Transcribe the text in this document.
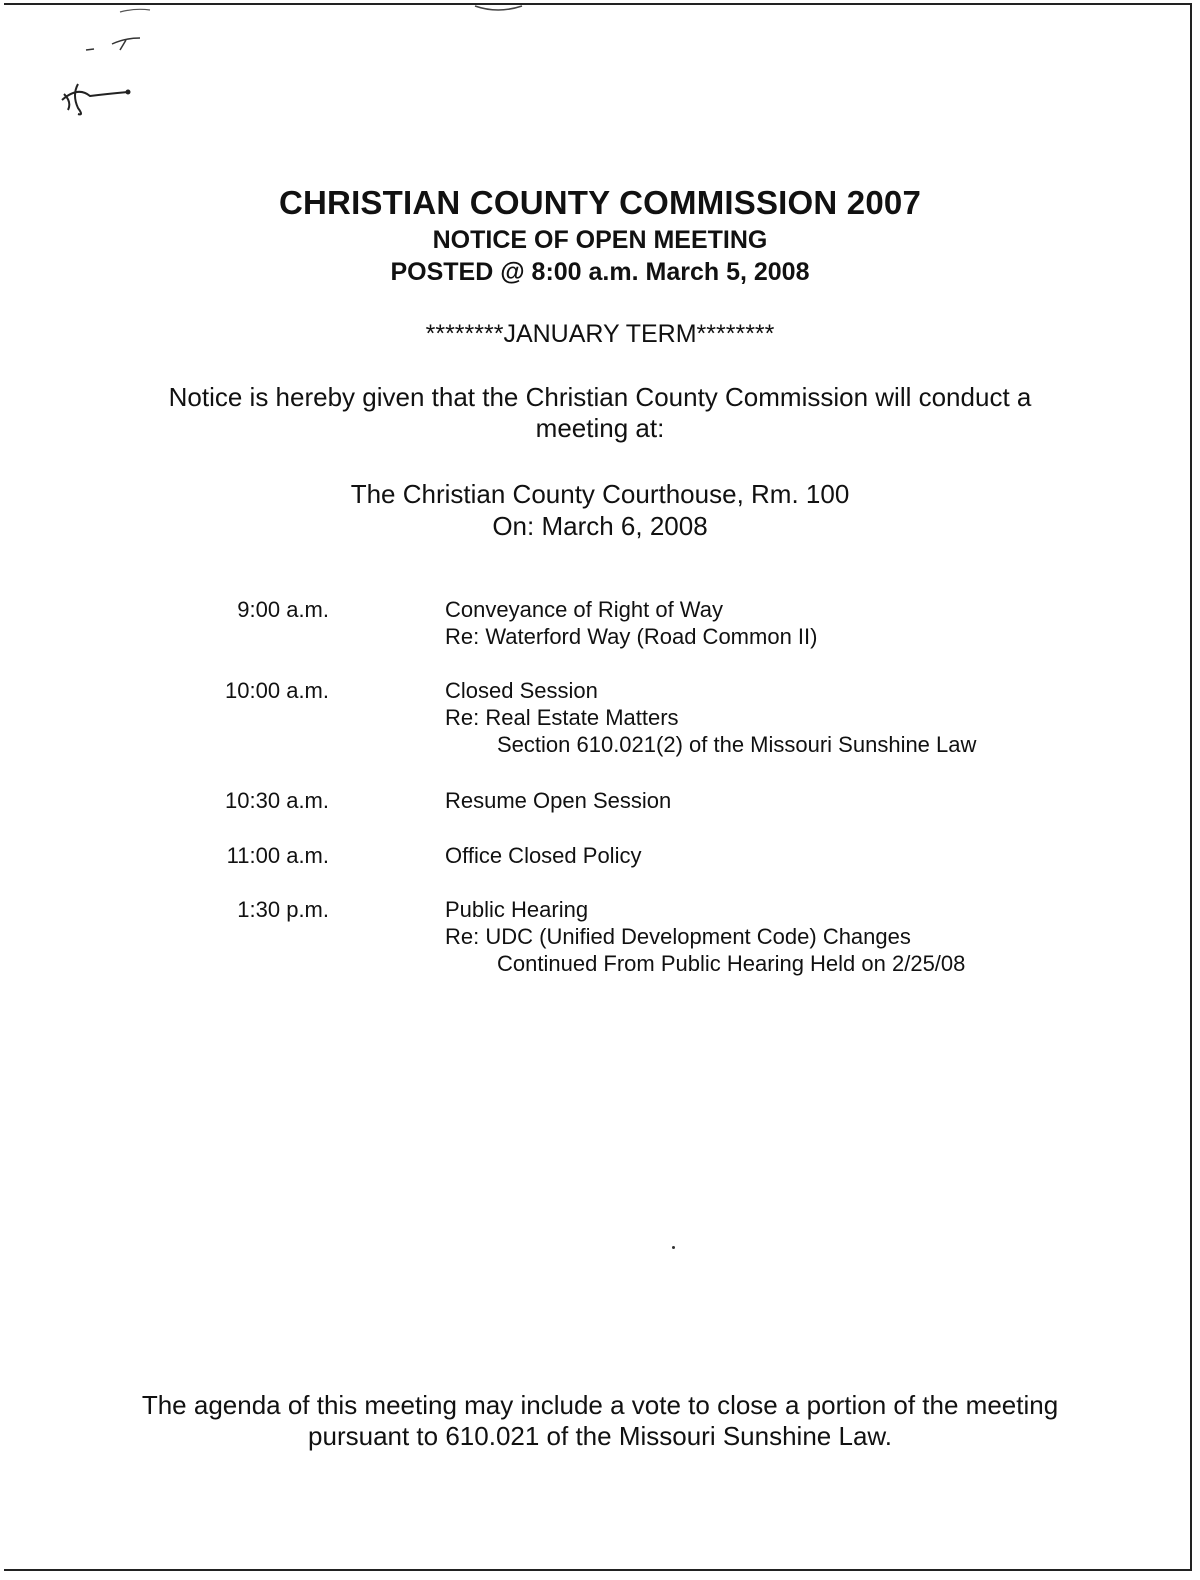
CHRISTIAN COUNTY COMMISSION 2007
NOTICE OF OPEN MEETING
POSTED @ 8:00 a.m. March 5, 2008
********JANUARY TERM********
Notice is hereby given that the Christian County Commission will conduct a
meeting at:
The Christian County Courthouse, Rm. 100
On: March 6, 2008
9:00 a.m.	Conveyance of Right of Way
Re: Waterford Way (Road Common II)
10:00 a.m.	Closed Session
Re: Real Estate Matters
Section 610.021(2) of the Missouri Sunshine Law
10:30 a.m.	Resume Open Session
11:00 a.m.	Office Closed Policy
1:30 p.m.	Public Hearing
Re: UDC (Unified Development Code) Changes
Continued From Public Hearing Held on 2/25/08
The agenda of this meeting may include a vote to close a portion of the meeting
pursuant to 610.021 of the Missouri Sunshine Law.
